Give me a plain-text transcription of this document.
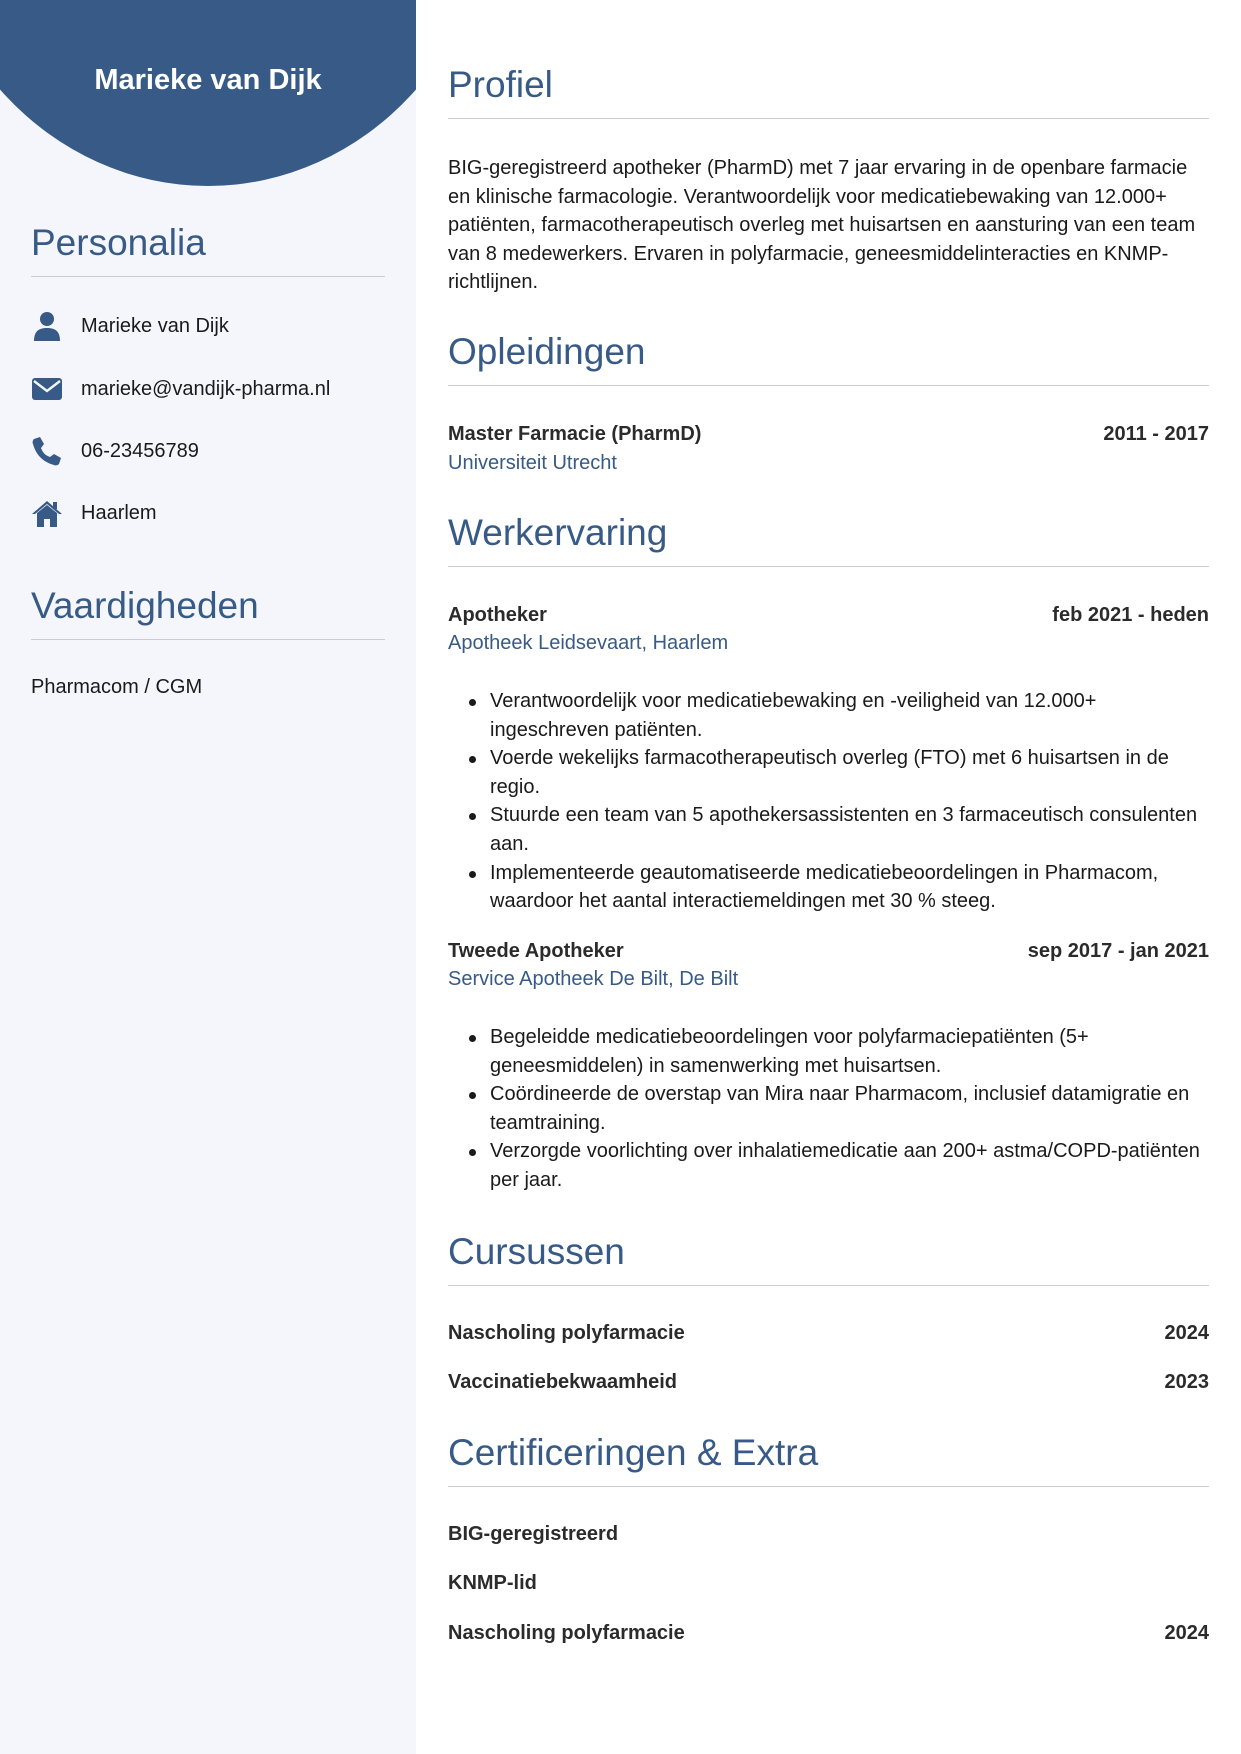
Marieke van Dijk
Personalia
Marieke van Dijk
marieke@vandijk-pharma.nl
06-23456789
Haarlem
Vaardigheden
Pharmacom / CGM
Profiel
BIG-geregistreerd apotheker (PharmD) met 7 jaar ervaring in de openbare farmacie en klinische farmacologie. Verantwoordelijk voor medicatiebewaking van 12.000+ patiënten, farmacotherapeutisch overleg met huisartsen en aansturing van een team van 8 medewerkers. Ervaren in polyfarmacie, geneesmiddelinteracties en KNMP-richtlijnen.
Opleidingen
Master Farmacie (PharmD)	2011 - 2017
Universiteit Utrecht
Werkervaring
Apotheker	feb 2021 - heden
Apotheek Leidsevaart, Haarlem
Verantwoordelijk voor medicatiebewaking en -veiligheid van 12.000+ ingeschreven patiënten.
Voerde wekelijks farmacotherapeutisch overleg (FTO) met 6 huisartsen in de regio.
Stuurde een team van 5 apothekersassistenten en 3 farmaceutisch consulenten aan.
Implementeerde geautomatiseerde medicatiebeoordelingen in Pharmacom, waardoor het aantal interactiemeldingen met 30 % steeg.
Tweede Apotheker	sep 2017 - jan 2021
Service Apotheek De Bilt, De Bilt
Begeleidde medicatiebeoordelingen voor polyfarmaciepatiënten (5+ geneesmiddelen) in samenwerking met huisartsen.
Coördineerde de overstap van Mira naar Pharmacom, inclusief datamigratie en teamtraining.
Verzorgde voorlichting over inhalatiemedicatie aan 200+ astma/COPD-patiënten per jaar.
Cursussen
Nascholing polyfarmacie	2024
Vaccinatiebekwaamheid	2023
Certificeringen & Extra
BIG-geregistreerd
KNMP-lid
Nascholing polyfarmacie	2024
